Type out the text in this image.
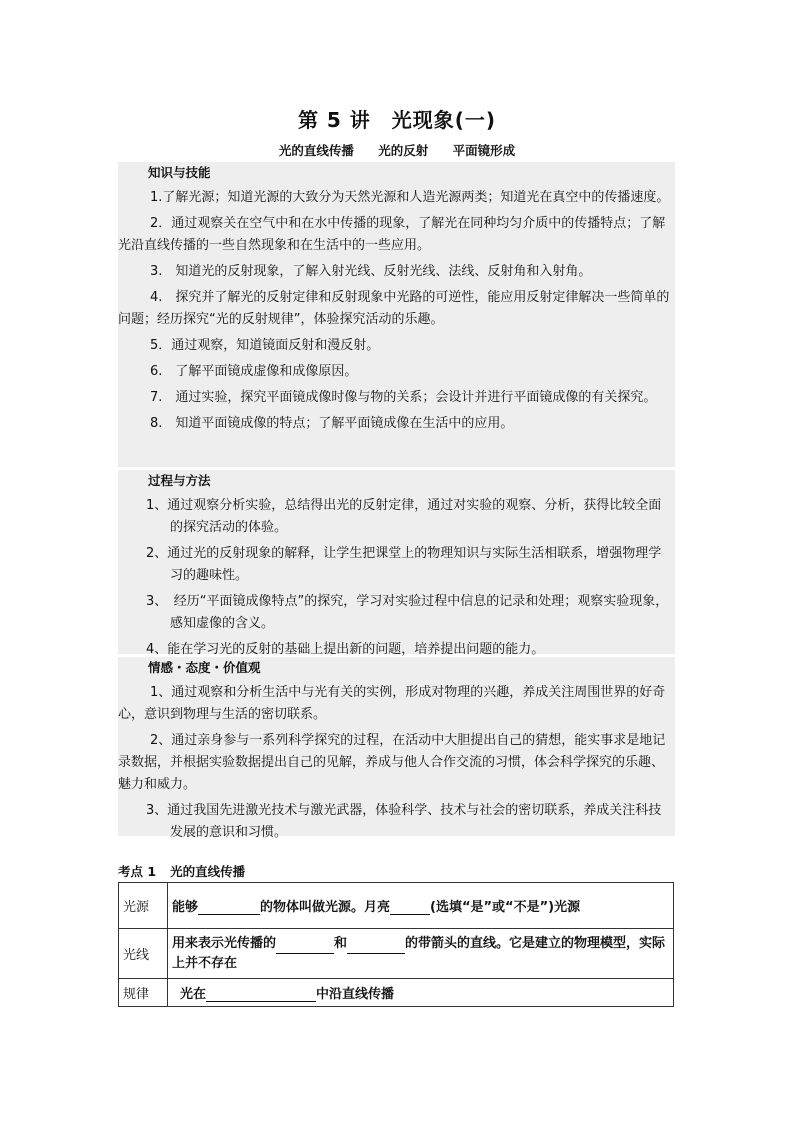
第 5 讲　光现象(一)
光的直线传播 光的反射 平面镜形成
知识与技能
1.了解光源；知道光源的大致分为天然光源和人造光源两类；知道光在真空中的传播速度。
2．通过观察关在空气中和在水中传播的现象，了解光在同种均匀介质中的传播特点；了解光沿直线传播的一些自然现象和在生活中的一些应用。
3.　知道光的反射现象，了解入射光线、反射光线、法线、反射角和入射角。
4.　探究并了解光的反射定律和反射现象中光路的可逆性，能应用反射定律解决一些简单的问题；经历探究“光的反射规律”，体验探究活动的乐趣。
5．通过观察，知道镜面反射和漫反射。
6.　了解平面镜成虚像和成像原因。
7.　通过实验，探究平面镜成像时像与物的关系；会设计并进行平面镜成像的有关探究。
8.　知道平面镜成像的特点；了解平面镜成像在生活中的应用。
过程与方法
1、通过观察分析实验，总结得出光的反射定律，通过对实验的观察、分析，获得比较全面的探究活动的体验。
2、通过光的反射现象的解释，让学生把课堂上的物理知识与实际生活相联系，增强物理学习的趣味性。
3、　经历“平面镜成像特点”的探究，学习对实验过程中信息的记录和处理；观察实验现象，感知虚像的含义。
4、能在学习光的反射的基础上提出新的问题，培养提出问题的能力。
情感・态度・价值观
1、通过观察和分析生活中与光有关的实例，形成对物理的兴趣，养成关注周围世界的好奇心，意识到物理与生活的密切联系。
2、通过亲身参与一系列科学探究的过程，在活动中大胆提出自己的猜想，能实事求是地记录数据，并根据实验数据提出自己的见解，养成与他人合作交流的习惯，体会科学探究的乐趣、魅力和威力。
3、通过我国先进激光技术与激光武器，体验科学、技术与社会的密切联系，养成关注科技发展的意识和习惯。
考点 1 光的直线传播
光源	能够 的物体叫做光源。月亮 (选填“是”或“不是”)光源
光线	用来表示光传播的 和 的带箭头的直线。它是建立的物理模型，实际上并不存在
规律	光在 中沿直线传播
